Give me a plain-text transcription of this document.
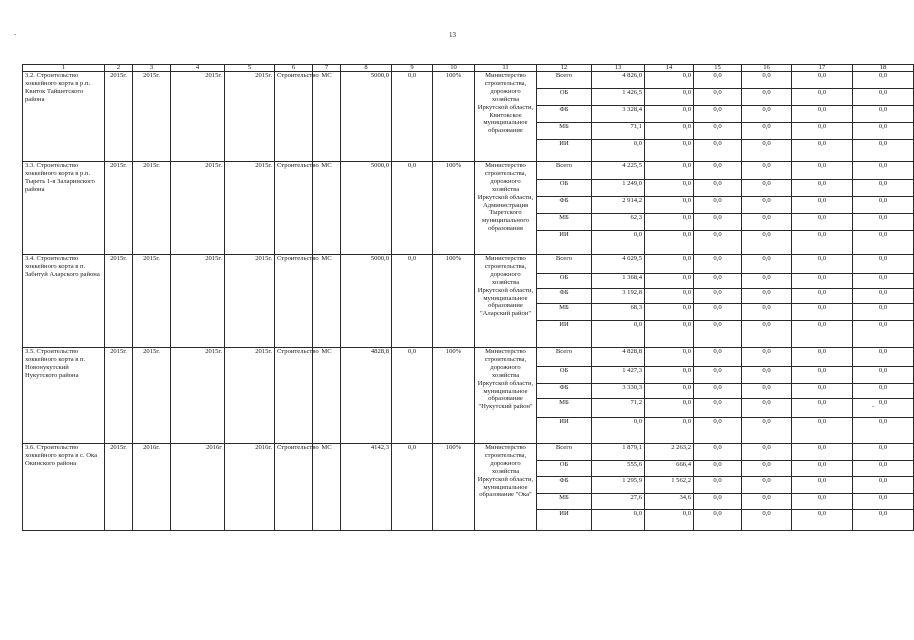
13
-
-
1	2	3	4	5	6	7	8	9	10	11	12	13	14	15	16	17	18
3.2. Строительство хоккейного корта в р.п. Квиток Тайшетского района	2015г.	2015г.	2015г.	2015г.	Строительство	МС	5000,0	0,0	100%	Министерство строительства, дорожного хозяйства Иркутской области, Квитокское муниципальное образование	Всего	4 826,0	0,0	0,0	0,0	0,0	0,0
											ОБ	1 426,5	0,0	0,0	0,0	0,0	0,0
											ФБ	3 328,4	0,0	0,0	0,0	0,0	0,0
											МБ	71,1	0,0	0,0	0,0	0,0	0,0
											ИИ	0,0	0,0	0,0	0,0	0,0	0,0
3.3. Строительство хоккейного корта в р.п. Тыреть 1-я Заларинского района	2015г.	2015г.	2015г.	2015г.	Строительство	МС	5000,0	0,0	100%	Министерство строительства, дорожного хозяйства Иркутской области, Администрация Тыретского муниципального образования	Всего	4 225,5	0,0	0,0	0,0	0,0	0,0
											ОБ	1 249,0	0,0	0,0	0,0	0,0	0,0
											ФБ	2 914,2	0,0	0,0	0,0	0,0	0,0
											МБ	62,3	0,0	0,0	0,0	0,0	0,0
											ИИ	0,0	0,0	0,0	0,0	0,0	0,0
3.4. Строительство хоккейного корта в п. Забитуй Аларского района	2015г.	2015г.	2015г.	2015г.	Строительство	МС	5000,0	0,0	100%	Министерство строительства, дорожного хозяйства Иркутской области, муниципальное образование "Аларский район"	Всего	4 629,5	0,0	0,0	0,0	0,0	0,0
											ОБ	1 368,4	0,0	0,0	0,0	0,0	0,0
											ФБ	3 192,8	0,0	0,0	0,0	0,0	0,0
											МБ	68,3	0,0	0,0	0,0	0,0	0,0
											ИИ	0,0	0,0	0,0	0,0	0,0	0,0
3.5. Строительство хоккейного корта в п. Новонукутский Нукутского района	2015г.	2015г.	2015г.	2015г.	Строительство	МС	4828,8	0,0	100%	Министерство строительства, дорожного хозяйства Иркутской области, муниципальное образование "Нукутский район"	Всего	4 828,8	0,0	0,0	0,0	0,0	0,0
											ОБ	1 427,3	0,0	0,0	0,0	0,0	0,0
											ФБ	3 330,3	0,0	0,0	0,0	0,0	0,0
											МБ	71,2	0,0	0,0	0,0	0,0	0,0
											ИИ	0,0	0,0	0,0	0,0	0,0	0,0
3.6. Строительство хоккейного корта в с. Ока Окинского района	2015г.	2016г.	2016г	2016г.	Строительство	МС	4142,3	0,0	100%	Министерство строительства, дорожного хозяйства Иркутской области, муниципальное образование "Ока"	Всего	1 879,1	2 263,2	0,0	0,0	0,0	0,0
											ОБ	555,6	666,4	0,0	0,0	0,0	0,0
											ФБ	1 295,9	1 562,2	0,0	0,0	0,0	0,0
											МБ	27,6	34,6	0,0	0,0	0,0	0,0
											ИИ	0,0	0,0	0,0	0,0	0,0	0,0
